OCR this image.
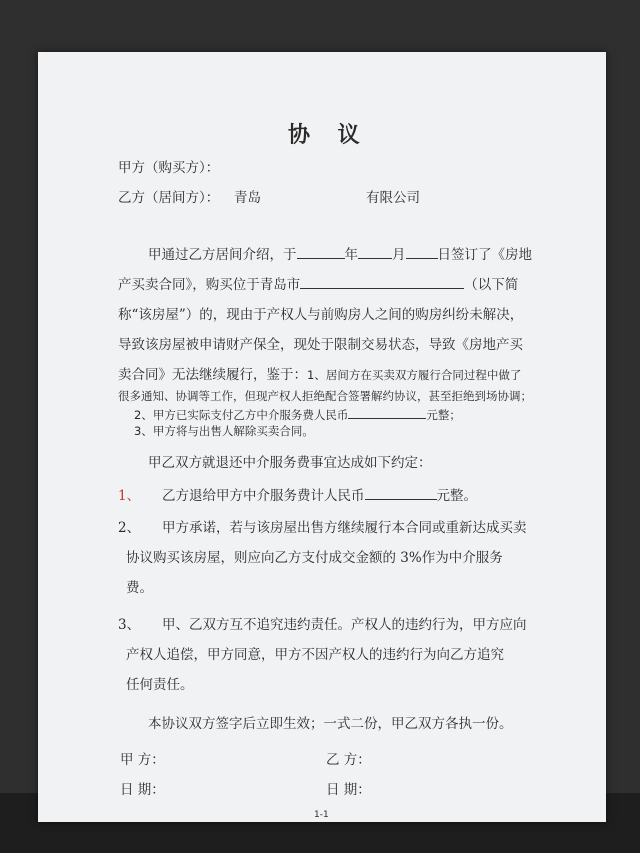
协 议
甲方（购买方）：
乙方（居间方）： 青岛	有限公司
甲通过乙方居间介绍，于	年	月 日签订了《房地
产买卖合同》，购买位于青岛市	（以下简
称“该房屋”）的，现由于产权人与前购房人之间的购房纠纷未解决，
导致该房屋被申请财产保全，现处于限制交易状态，导致《房地产买
卖合同》无法继续履行，鉴于：1、居间方在买卖双方履行合同过程中做了
很多通知、协调等工作，但现产权人拒绝配合签署解约协议，甚至拒绝到场协调；
2、甲方已实际支付乙方中介服务费人民币	元整；
3、甲方将与出售人解除买卖合同。
甲乙双方就退还中介服务费事宜达成如下约定：
1、 乙方退给甲方中介服务费计人民币	元整。
2、 甲方承诺，若与该房屋出售方继续履行本合同或重新达成买卖
协议购买该房屋，则应向乙方支付成交金额的 3%作为中介服务
费。
3、 甲、乙双方互不追究违约责任。产权人的违约行为，甲方应向
产权人追偿，甲方同意，甲方不因产权人的违约行为向乙方追究
任何责任。
本协议双方签字后立即生效；一式二份，甲乙双方各执一份。
甲 方：	乙 方：
日 期：	日 期：
1-1
